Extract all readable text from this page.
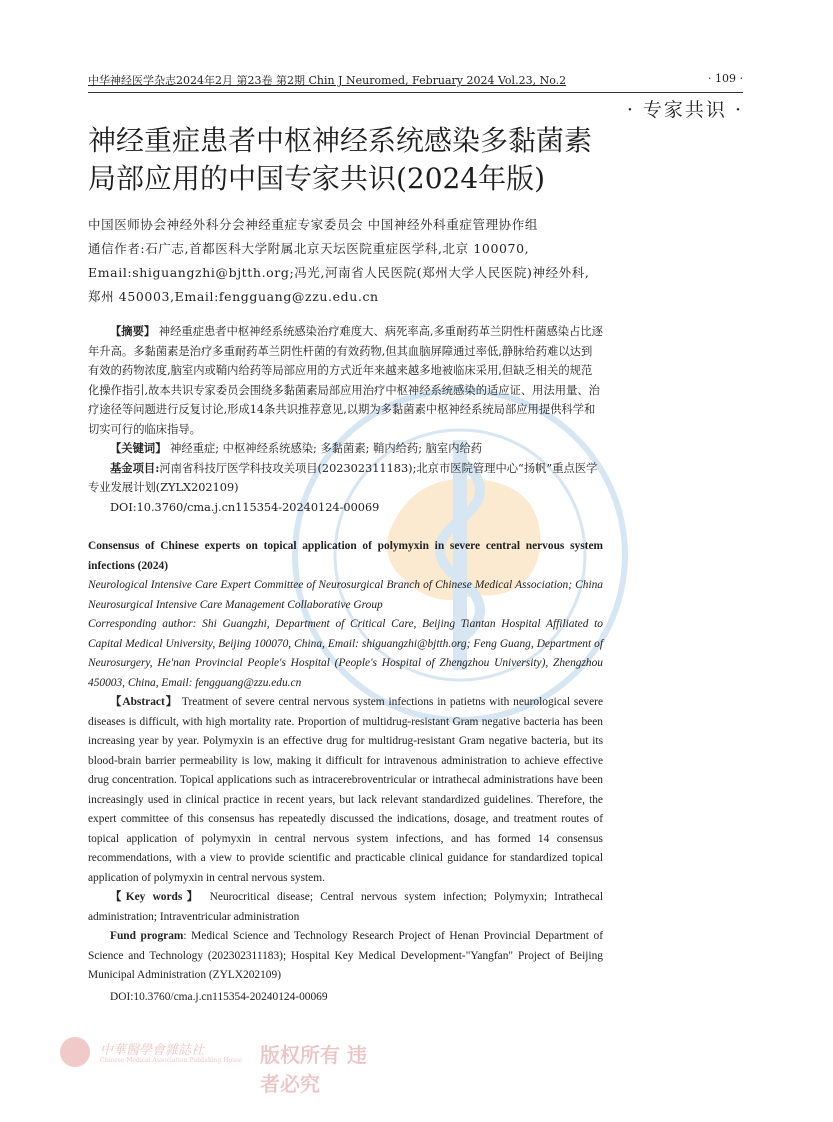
中华神经医学杂志2024年2月 第23卷 第2期 Chin J Neuromed, February 2024 Vol.23, No.2	· 109 ·
· 专家共识 ·
神经重症患者中枢神经系统感染多黏菌素
局部应用的中国专家共识(2024年版)

中国医师协会神经外科分会神经重症专家委员会 中国神经外科重症管理协作组

通信作者:石广志,首都医科大学附属北京天坛医院重症医学科,北京 100070,

Email:shiguangzhi@bjtth.org;冯光,河南省人民医院(郑州大学人民医院)神经外科,

郑州 450003,Email:fengguang@zzu.edu.cn

【摘要】 神经重症患者中枢神经系统感染治疗难度大、病死率高,多重耐药革兰阴性杆菌感染占比逐年升高。多黏菌素是治疗多重耐药革兰阴性杆菌的有效药物,但其血脑屏障通过率低,静脉给药难以达到有效的药物浓度,脑室内或鞘内给药等局部应用的方式近年来越来越多地被临床采用,但缺乏相关的规范化操作指引,故本共识专家委员会围绕多黏菌素局部应用治疗中枢神经系统感染的适应证、用法用量、治疗途径等问题进行反复讨论,形成14条共识推荐意见,以期为多黏菌素中枢神经系统局部应用提供科学和切实可行的临床指导。

【关键词】 神经重症; 中枢神经系统感染; 多黏菌素; 鞘内给药; 脑室内给药

基金项目:河南省科技厅医学科技攻关项目(202302311183);北京市医院管理中心“扬帆”重点医学专业发展计划(ZYLX202109)

DOI:10.3760/cma.j.cn115354-20240124-00069

Consensus of Chinese experts on topical application of polymyxin in severe central nervous system infections (2024)

Neurological Intensive Care Expert Committee of Neurosurgical Branch of Chinese Medical Association; China Neurosurgical Intensive Care Management Collaborative Group

Corresponding author: Shi Guangzhi, Department of Critical Care, Beijing Tiantan Hospital Affiliated to Capital Medical University, Beijing 100070, China, Email: shiguangzhi@bjtth.org; Feng Guang, Department of Neurosurgery, He'nan Provincial People's Hospital (People's Hospital of Zhengzhou University), Zhengzhou 450003, China, Email: fengguang@zzu.edu.cn

【Abstract】 Treatment of severe central nervous system infections in patietns with neurological severe diseases is difficult, with high mortality rate. Proportion of multidrug-resistant Gram negative bacteria has been increasing year by year. Polymyxin is an effective drug for multidrug-resistant Gram negative bacteria, but its blood-brain barrier permeability is low, making it difficult for intravenous administration to achieve effective drug concentration. Topical applications such as intracerebroventricular or intrathecal administrations have been increasingly used in clinical practice in recent years, but lack relevant standardized guidelines. Therefore, the expert committee of this consensus has repeatedly discussed the indications, dosage, and treatment routes of topical application of polymyxin in central nervous system infections, and has formed 14 consensus recommendations, with a view to provide scientific and practicable clinical guidance for standardized topical application of polymyxin in central nervous system.

【Key words】 Neurocritical disease; Central nervous system infection; Polymyxin; Intrathecal administration; Intraventricular administration

Fund program: Medical Science and Technology Research Project of Henan Provincial Department of Science and Technology (202302311183); Hospital Key Medical Development-"Yangfan" Project of Beijing Municipal Administration (ZYLX202109)

DOI:10.3760/cma.j.cn115354-20240124-00069

中華醫學會雜誌社
Chinese Medical Association Publishing House 版权所有 违者必究
